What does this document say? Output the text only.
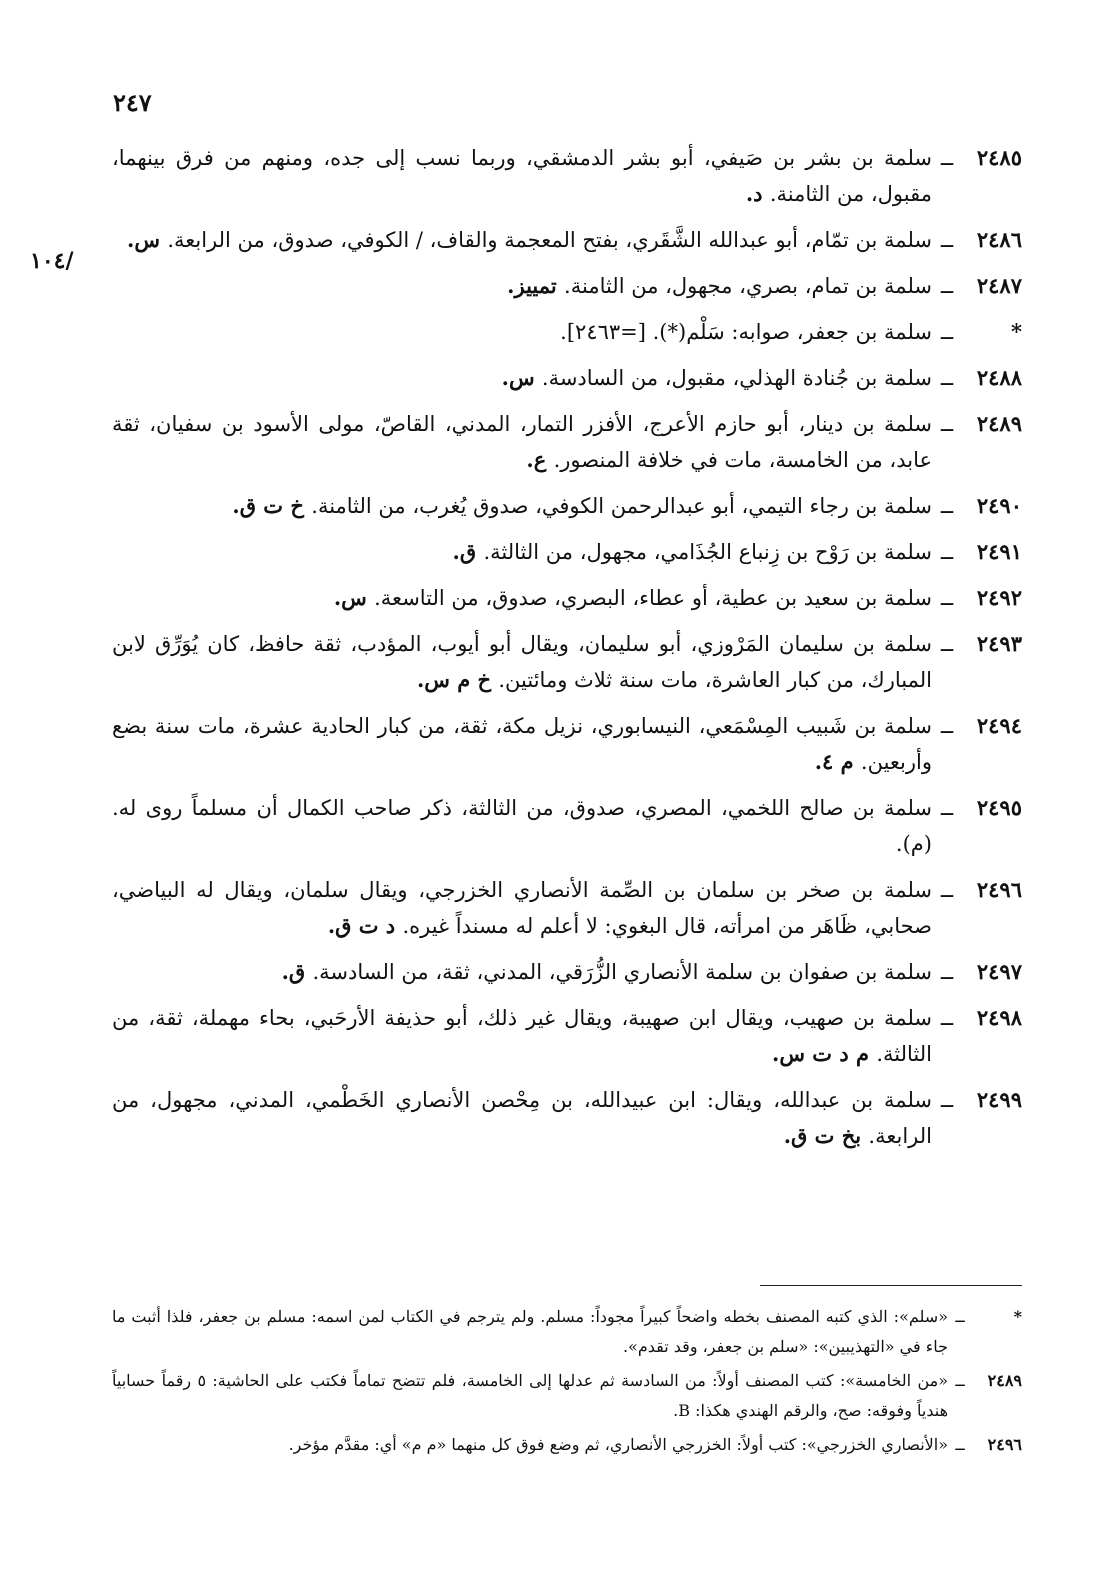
٢٤٧
/١٠٤
٢٤٨٥
ــ
سلمة بن بشر بن صَيفي، أبو بشر الدمشقي، وربما نسب إلى جده، ومنهم من فرق بينهما، مقبول، من الثامنة. د.
٢٤٨٦
ــ
سلمة بن تمّام، أبو عبدالله الشَّقَري، بفتح المعجمة والقاف، / الكوفي، صدوق، من الرابعة. س.
٢٤٨٧
ــ
سلمة بن تمام، بصري، مجهول، من الثامنة. تمييز.
*
ــ
سلمة بن جعفر، صوابه: سَلْم(*). [=٢٤٦٣].
٢٤٨٨
ــ
سلمة بن جُنادة الهذلي، مقبول، من السادسة. س.
٢٤٨٩
ــ
سلمة بن دينار، أبو حازم الأعرج، الأفزر التمار، المدني، القاصّ، مولى الأسود بن سفيان، ثقة عابد، من الخامسة، مات في خلافة المنصور. ع.
٢٤٩٠
ــ
سلمة بن رجاء التيمي، أبو عبدالرحمن الكوفي، صدوق يُغرب، من الثامنة. خ ت ق.
٢٤٩١
ــ
سلمة بن رَوْح بن زِنباع الجُذَامي، مجهول، من الثالثة. ق.
٢٤٩٢
ــ
سلمة بن سعيد بن عطية، أو عطاء، البصري، صدوق، من التاسعة. س.
٢٤٩٣
ــ
سلمة بن سليمان المَرْوزي، أبو سليمان، ويقال أبو أيوب، المؤدب، ثقة حافظ، كان يُوَرِّق لابن المبارك، من كبار العاشرة، مات سنة ثلاث ومائتين. خ م س.
٢٤٩٤
ــ
سلمة بن شَبيب المِسْمَعي، النيسابوري، نزيل مكة، ثقة، من كبار الحادية عشرة، مات سنة بضع وأربعين. م ٤.
٢٤٩٥
ــ
سلمة بن صالح اللخمي، المصري، صدوق، من الثالثة، ذكر صاحب الكمال أن مسلماً روى له. (م).
٢٤٩٦
ــ
سلمة بن صخر بن سلمان بن الصِّمة الأنصاري الخزرجي، ويقال سلمان، ويقال له البياضي، صحابي، ظَاهَر من امرأته، قال البغوي: لا أعلم له مسنداً غيره. د ت ق.
٢٤٩٧
ــ
سلمة بن صفوان بن سلمة الأنصاري الزُّرَقي، المدني، ثقة، من السادسة. ق.
٢٤٩٨
ــ
سلمة بن صهيب، ويقال ابن صهيبة، ويقال غير ذلك، أبو حذيفة الأرحَبي، بحاء مهملة، ثقة، من الثالثة. م د ت س.
٢٤٩٩
ــ
سلمة بن عبدالله، ويقال: ابن عبيدالله، بن مِحْصن الأنصاري الخَطْمي، المدني، مجهول، من الرابعة. بخ ت ق.
*
ــ
«سلم»: الذي كتبه المصنف بخطه واضحاً كبيراً مجوداً: مسلم. ولم يترجم في الكتاب لمن اسمه: مسلم بن جعفر، فلذا أثبت ما جاء في «التهذيبين»: «سلم بن جعفر، وقد تقدم».
٢٤٨٩
ــ
«من الخامسة»: كتب المصنف أولاً: من السادسة ثم عدلها إلى الخامسة، فلم تتضح تماماً فكتب على الحاشية: ٥ رقماً حسابياً هندياً وفوقه: صح، والرقم الهندي هكذا: B.
٢٤٩٦
ــ
«الأنصاري الخزرجي»: كتب أولاً: الخزرجي الأنصاري، ثم وضع فوق كل منهما «م م» أي: مقدَّم مؤخر.
